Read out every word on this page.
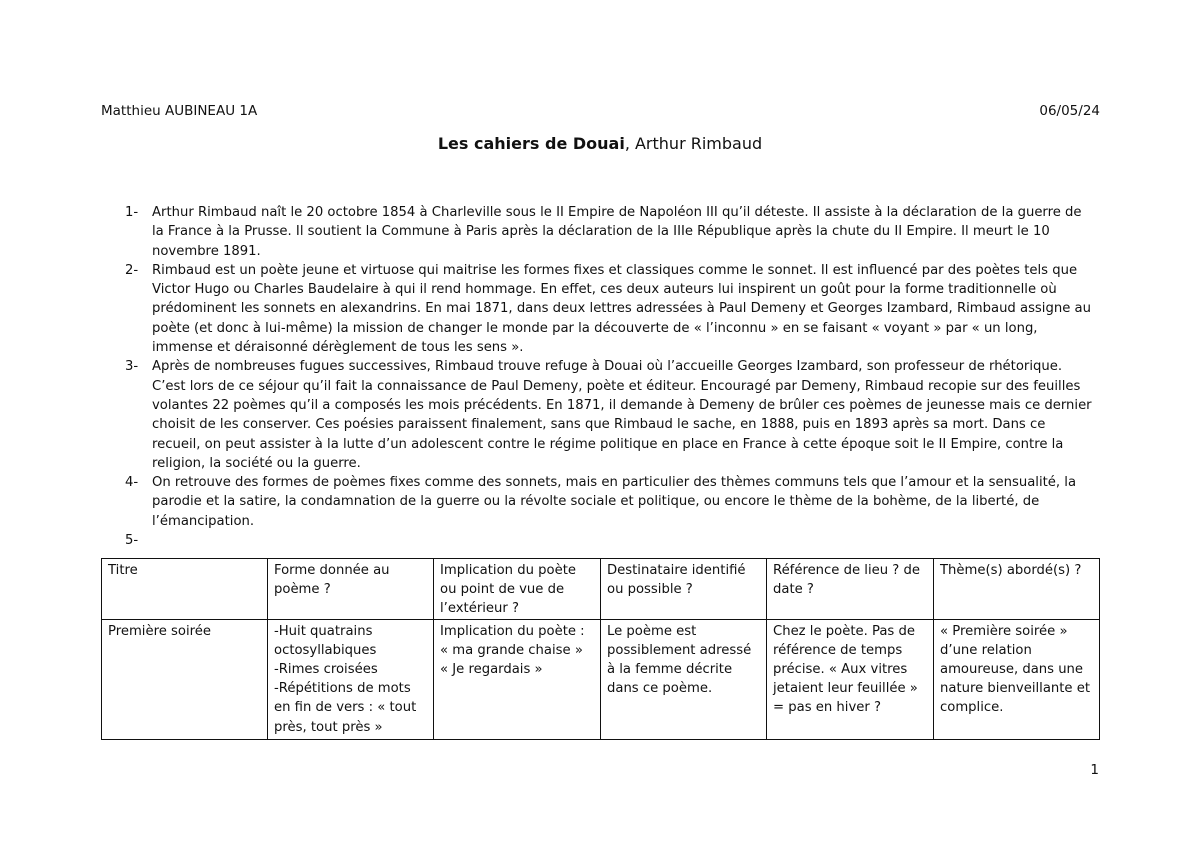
Matthieu AUBINEAU 1A	06/05/24
Les cahiers de Douai, Arthur Rimbaud
1- Arthur Rimbaud naît le 20 octobre 1854 à Charleville sous le II Empire de Napoléon III qu’il déteste. Il assiste à la déclaration de la guerre de la France à la Prusse. Il soutient la Commune à Paris après la déclaration de la IIIe République après la chute du II Empire. Il meurt le 10 novembre 1891.
2- Rimbaud est un poète jeune et virtuose qui maitrise les formes fixes et classiques comme le sonnet. Il est influencé par des poètes tels que Victor Hugo ou Charles Baudelaire à qui il rend hommage. En effet, ces deux auteurs lui inspirent un goût pour la forme traditionnelle où prédominent les sonnets en alexandrins. En mai 1871, dans deux lettres adressées à Paul Demeny et Georges Izambard, Rimbaud assigne au poète (et donc à lui-même) la mission de changer le monde par la découverte de « l’inconnu » en se faisant « voyant » par « un long, immense et déraisonné dérèglement de tous les sens ».
3- Après de nombreuses fugues successives, Rimbaud trouve refuge à Douai où l’accueille Georges Izambard, son professeur de rhétorique. C’est lors de ce séjour qu’il fait la connaissance de Paul Demeny, poète et éditeur. Encouragé par Demeny, Rimbaud recopie sur des feuilles volantes 22 poèmes qu’il a composés les mois précédents. En 1871, il demande à Demeny de brûler ces poèmes de jeunesse mais ce dernier choisit de les conserver. Ces poésies paraissent finalement, sans que Rimbaud le sache, en 1888, puis en 1893 après sa mort. Dans ce recueil, on peut assister à la lutte d’un adolescent contre le régime politique en place en France à cette époque soit le II Empire, contre la religion, la société ou la guerre.
4- On retrouve des formes de poèmes fixes comme des sonnets, mais en particulier des thèmes communs tels que l’amour et la sensualité, la parodie et la satire, la condamnation de la guerre ou la révolte sociale et politique, ou encore le thème de la bohème, de la liberté, de l’émancipation.
5-

Titre	Forme donnée au poème ?	Implication du poète ou point de vue de l’extérieur ?	Destinataire identifié ou possible ?	Référence de lieu ? de date ?	Thème(s) abordé(s) ?
Première soirée	-Huit quatrains octosyllabiques
-Rimes croisées
-Répétitions de mots en fin de vers : « tout près, tout près »	Implication du poète : « ma grande chaise » « Je regardais »	Le poème est possiblement adressé à la femme décrite dans ce poème.	Chez le poète. Pas de référence de temps précise. « Aux vitres jetaient leur feuillée » = pas en hiver ?	« Première soirée » d’une relation amoureuse, dans une nature bienveillante et complice.
1
